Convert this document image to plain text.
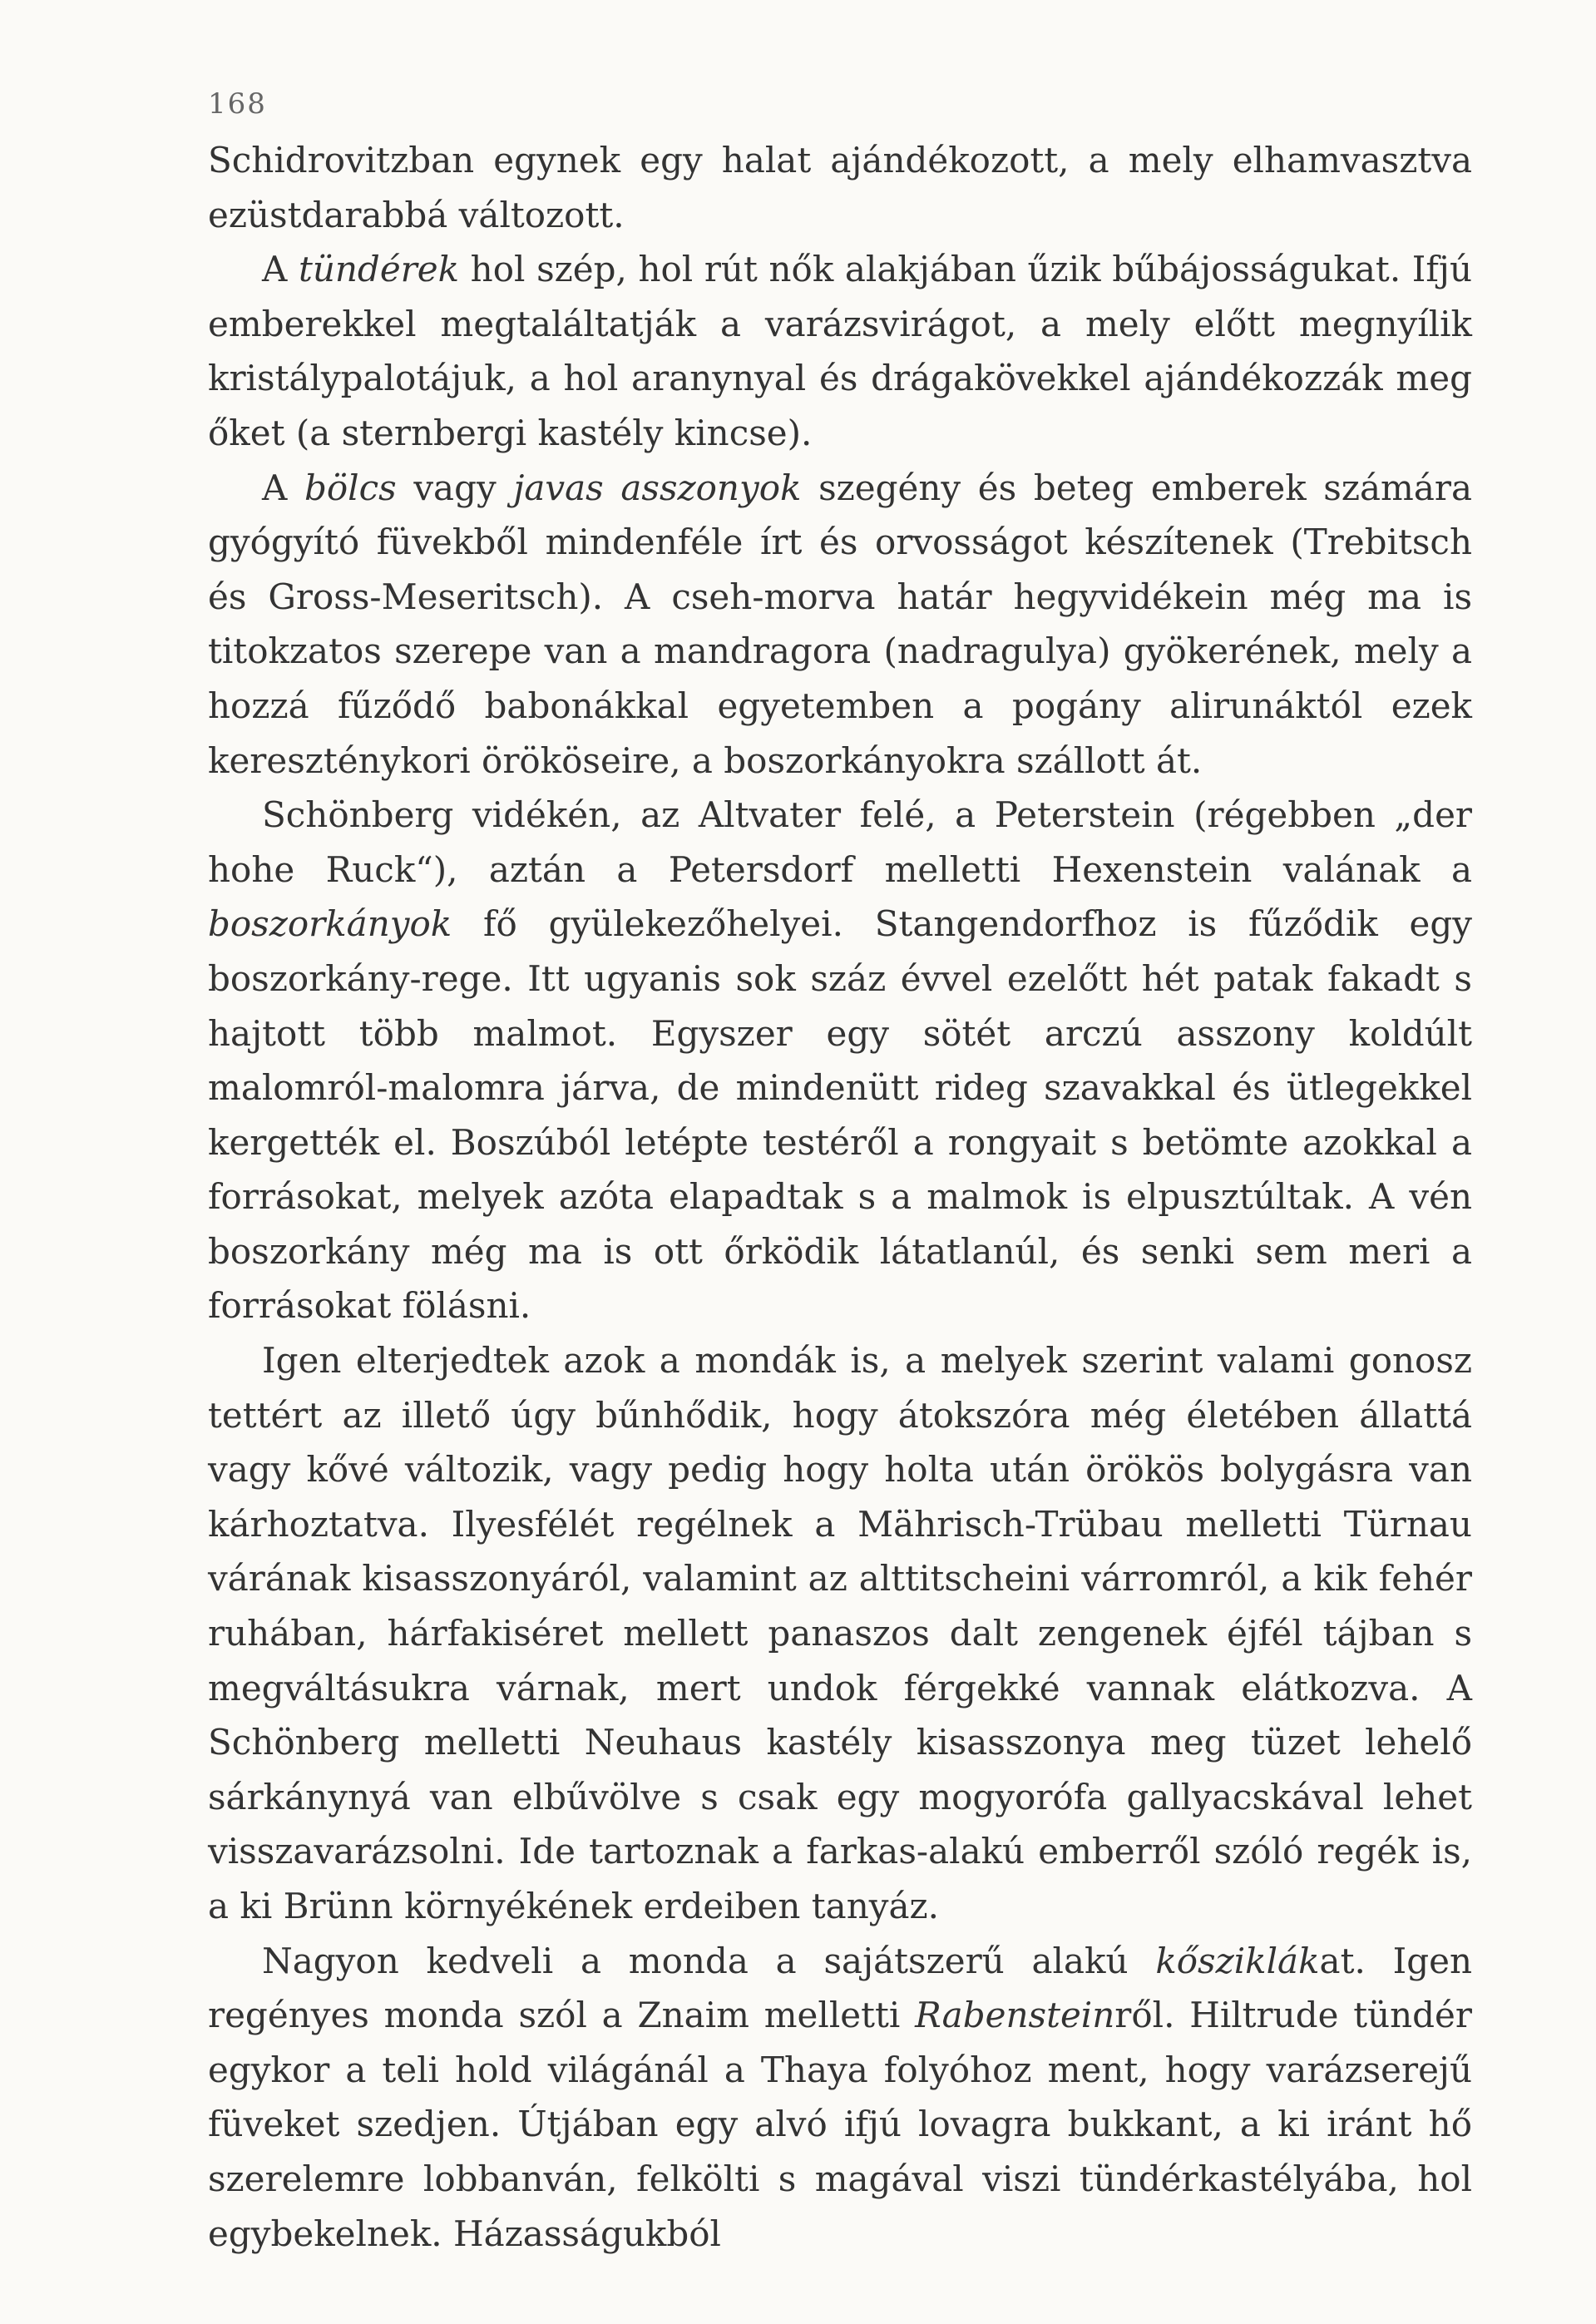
168

Schidrovitzban egynek egy halat ajándékozott, a mely elhamvasztva ezüstdarabbá változott.

A tündérek hol szép, hol rút nők alakjában űzik bűbájosságukat. Ifjú emberekkel megtaláltatják a varázsvirágot, a mely előtt megnyílik kristálypalotájuk, a hol aranynyal és drágakövekkel ajándékozzák meg őket (a sternbergi kastély kincse).

A bölcs vagy javas asszonyok szegény és beteg emberek számára gyógyító füvekből mindenféle írt és orvosságot készítenek (Trebitsch és Gross-Meseritsch). A cseh-morva határ hegyvidékein még ma is titokzatos szerepe van a mandragora (nadragulya) gyökerének, mely a hozzá fűződő babonákkal egyetemben a pogány alirunáktól ezek kereszténykori örököseire, a boszorkányokra szállott át.

Schönberg vidékén, az Altvater felé, a Peterstein (régebben „der hohe Ruck“), aztán a Petersdorf melletti Hexenstein valának a boszorkányok fő gyülekezőhelyei. Stangendorfhoz is fűződik egy boszorkány-rege. Itt ugyanis sok száz évvel ezelőtt hét patak fakadt s hajtott több malmot. Egyszer egy sötét arczú asszony koldúlt malomról-malomra járva, de mindenütt rideg szavakkal és ütlegekkel kergették el. Boszúból letépte testéről a rongyait s betömte azokkal a forrásokat, melyek azóta elapadtak s a malmok is elpusztúltak. A vén boszorkány még ma is ott őrködik látatlanúl, és senki sem meri a forrásokat fölásni.

Igen elterjedtek azok a mondák is, a melyek szerint valami gonosz tettért az illető úgy bűnhődik, hogy átokszóra még életében állattá vagy kővé változik, vagy pedig hogy holta után örökös bolygásra van kárhoztatva. Ilyesfélét regélnek a Mährisch-Trübau melletti Türnau várának kisasszonyáról, valamint az alttitscheini várromról, a kik fehér ruhában, hárfakiséret mellett panaszos dalt zengenek éjfél tájban s megváltásukra várnak, mert undok férgekké vannak elátkozva. A Schönberg melletti Neuhaus kastély kisasszonya meg tüzet lehelő sárkánynyá van elbűvölve s csak egy mogyorófa gallyacskával lehet visszavarázsolni. Ide tartoznak a farkas-alakú emberről szóló regék is, a ki Brünn környékének erdeiben tanyáz.

Nagyon kedveli a monda a sajátszerű alakú kősziklákat. Igen regényes monda szól a Znaim melletti Rabensteinről. Hiltrude tündér egykor a teli hold világánál a Thaya folyóhoz ment, hogy varázserejű füveket szedjen. Útjában egy alvó ifjú lovagra bukkant, a ki iránt hő szerelemre lobbanván, felkölti s magával viszi tündérkastélyába, hol egybekelnek. Házasságukból
